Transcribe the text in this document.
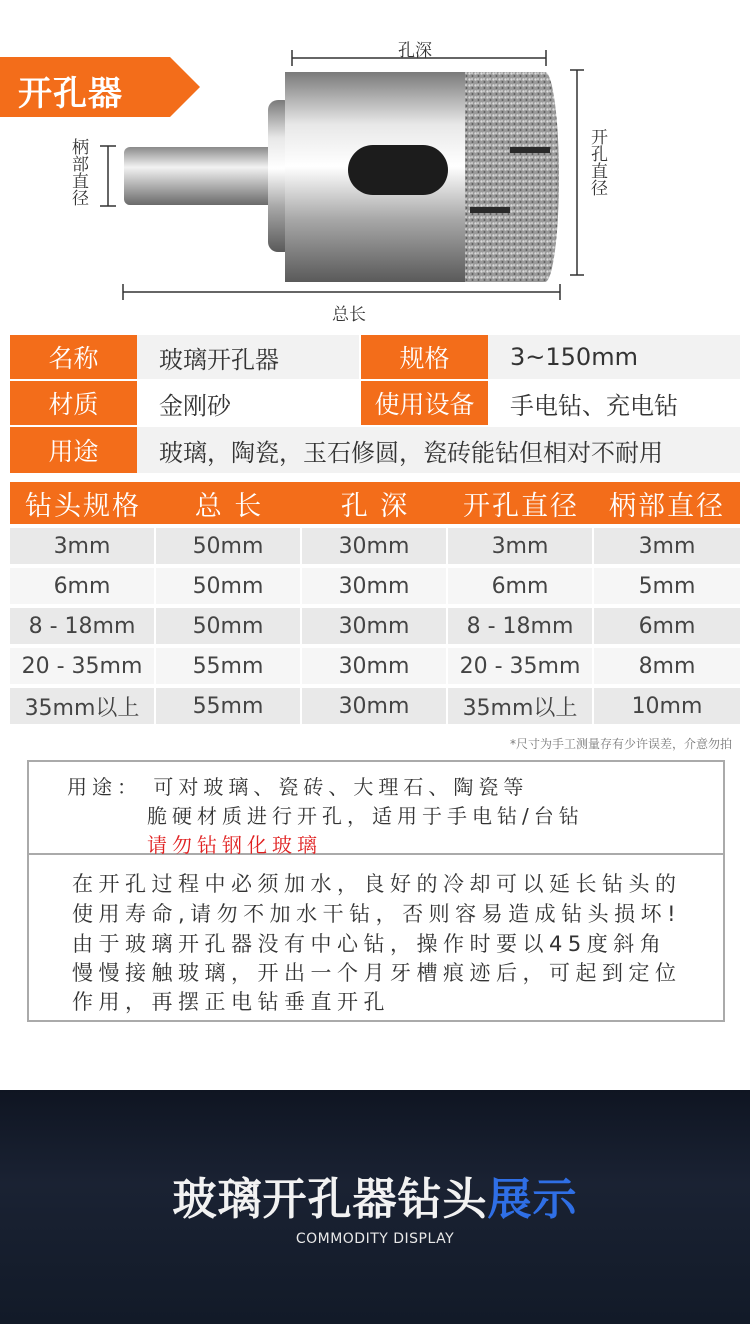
开孔器
孔深
开孔直径
柄部直径
总长
名称	玻璃开孔器	规格	3~150mm
材质	金刚砂	使用设备	手电钻、充电钻
用途	玻璃，陶瓷，玉石修圆，瓷砖能钻但相对不耐用
钻头规格	总 长	孔 深	开孔直径	柄部直径
3mm	50mm	30mm	3mm	3mm
6mm	50mm	30mm	6mm	5mm
8 - 18mm	50mm	30mm	8 - 18mm	6mm
20 - 35mm	55mm	30mm	20 - 35mm	8mm
35mm以上	55mm	30mm	35mm以上	10mm
*尺寸为手工测量存有少许误差，介意勿拍
用途： 可对玻璃、瓷砖、大理石、陶瓷等
脆硬材质进行开孔，适用于手电钻/台钻
请勿钻钢化玻璃
在开孔过程中必须加水，良好的冷却可以延长钻头的
使用寿命,请勿不加水干钻，否则容易造成钻头损坏!
由于玻璃开孔器没有中心钻，操作时要以45度斜角
慢慢接触玻璃，开出一个月牙槽痕迹后，可起到定位
作用，再摆正电钻垂直开孔
玻璃开孔器钻头展示
COMMODITY DISPLAY
